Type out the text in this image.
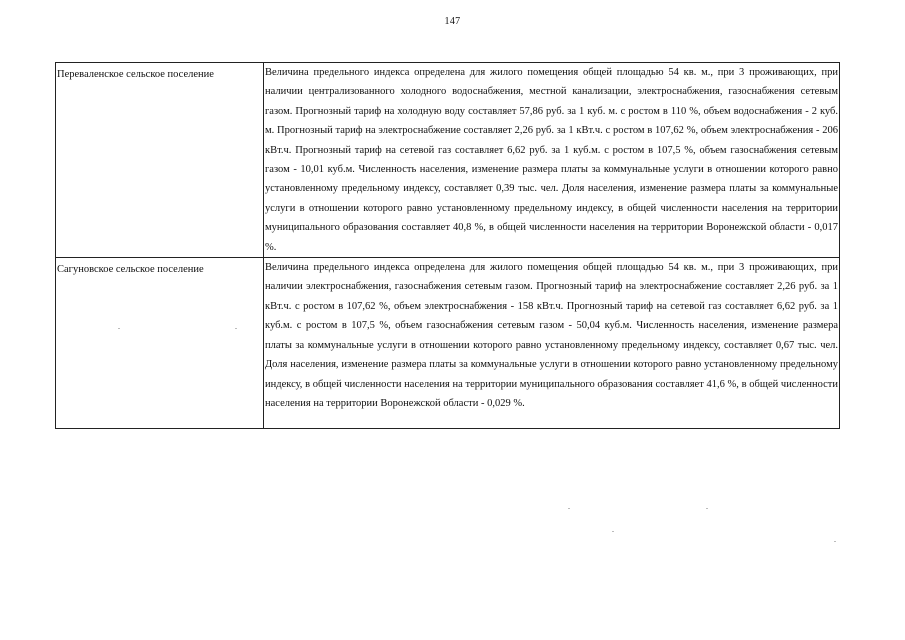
147
Перевaленское сельское поселение	Величина предельного индекса определена для жилого помещения общей площадью 54 кв. м., при 3 проживающих, при наличии централизованного холодного водоснабжения, местной канализации, электроснабжения, газоснабжения сетевым газом. Прогнозный тариф на холодную воду составляет 57,86 руб. за 1 куб. м. с ростом в 110 %, объем водоснабжения - 2 куб. м. Прогнозный тариф на электроснабжение составляет 2,26 руб. за 1 кВт.ч. с ростом в 107,62 %, объем электроснабжения - 206 кВт.ч. Прогнозный тариф на сетевой газ составляет 6,62 руб. за 1 куб.м. с ростом в 107,5 %, объем газоснабжения сетевым газом - 10,01 куб.м. Численность населения, изменение размера платы за коммунальные услуги в отношении которого равно установленному предельному индексу, составляет 0,39 тыс. чел. Доля населения, изменение размера платы за коммунальные услуги в отношении которого равно установленному предельному индексу, в общей численности населения на территории муниципального образования составляет 40,8 %, в общей численности населения на территории Воронежской области - 0,017 %.
Сагуновское сельское поселение	Величина предельного индекса определена для жилого помещения общей площадью 54 кв. м., при 3 проживающих, при наличии электроснабжения, газоснабжения сетевым газом. Прогнозный тариф на электроснабжение составляет 2,26 руб. за 1 кВт.ч. с ростом в 107,62 %, объем электроснабжения - 158 кВт.ч. Прогнозный тариф на сетевой газ составляет 6,62 руб. за 1 куб.м. с ростом в 107,5 %, объем газоснабжения сетевым газом - 50,04 куб.м. Численность населения, изменение размера платы за коммунальные услуги в отношении которого равно установленному предельному индексу, составляет 0,67 тыс. чел. Доля населения, изменение размера платы за коммунальные услуги в отношении которого равно установленному предельному индексу, в общей численности населения на территории муниципального образования составляет 41,6 %, в общей численности населения на территории Воронежской области - 0,029 %.
